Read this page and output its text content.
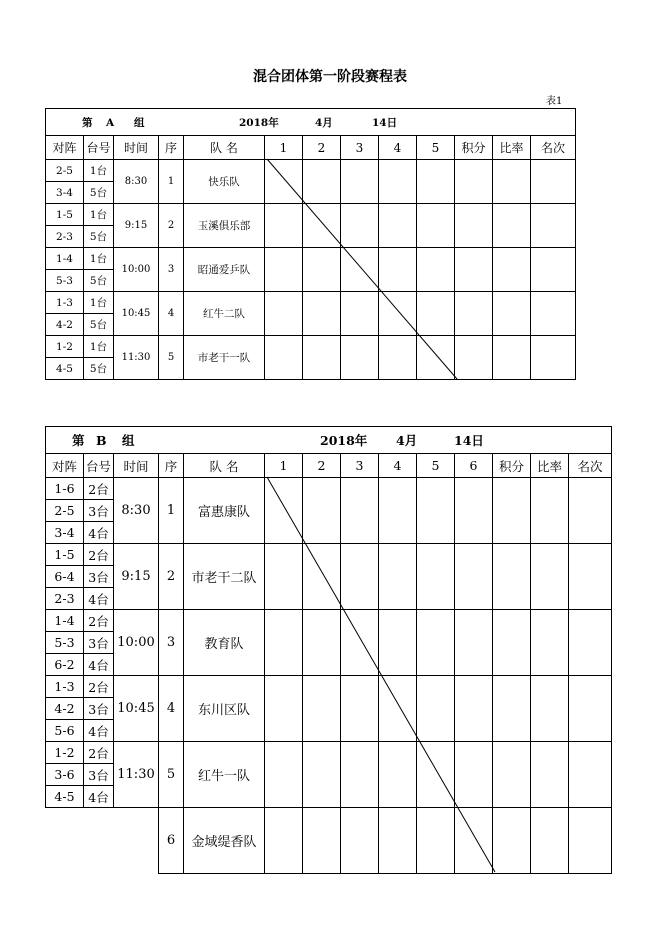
混合团体第一阶段赛程表
表1
第 A 组 2018年 4月 14日												
对阵	台号	时间	序	队 名	1	2	3	4	5	积分	比率	名次
2-5	1台	8:30	1	快乐队								
3-4	5台											
1-5	1台	9:15	2	玉溪俱乐部								
2-3	5台											
1-4	1台	10:00	3	昭通爱乒队								
5-3	5台											
1-3	1台	10:45	4	红牛二队								
4-2	5台											
1-2	1台	11:30	5	市老干一队								
4-5	5台											
第 B 组 2018年 4月 14日													
对阵	台号	时间	序	队 名	1	2	3	4	5	6	积分	比率	名次
1-6	2台	8:30	1	富惠康队									
2-5	3台												
3-4	4台												
1-5	2台	9:15	2	市老干二队									
6-4	3台												
2-3	4台												
1-4	2台	10:00	3	教育队									
5-3	3台												
6-2	4台												
1-3	2台	10:45	4	东川区队									
4-2	3台												
5-6	4台												
1-2	2台	11:30	5	红牛一队									
3-6	3台												
4-5	4台												
			6	金域缇香队									
